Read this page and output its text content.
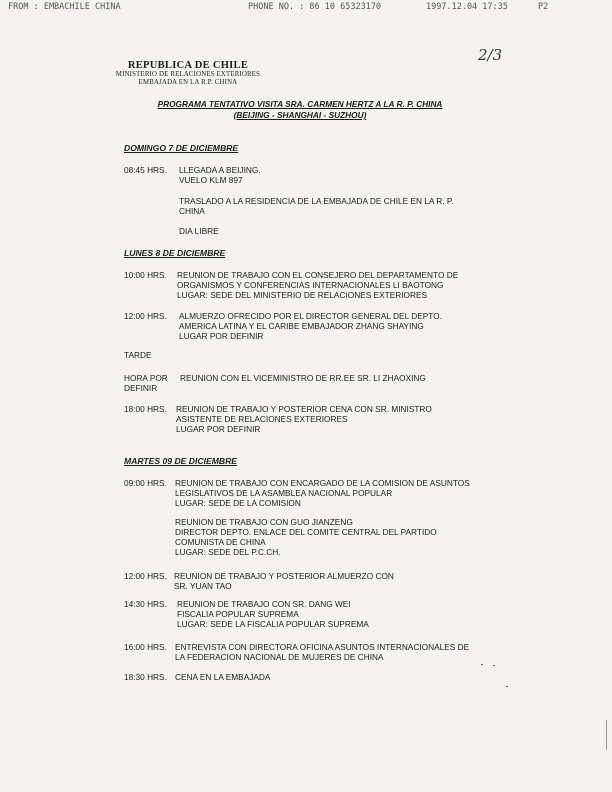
FROM : EMBACHILE CHINA	PHONE NO. : 86 10 65323170	1997.12.04 17:35	P2
2/3
REPUBLICA DE CHILE
MINISTERIO DE RELACIONES EXTERIORES
EMBAJADA EN LA R.P. CHINA
PROGRAMA TENTATIVO VISITA SRA. CARMEN HERTZ A LA R. P. CHINA
(BEIJING - SHANGHAI - SUZHOU)
DOMINGO 7 DE DICIEMBRE
08:45 HRS. LLEGADA A BEIJING.
VUELO KLM 897
TRASLADO A LA RESIDENCIA DE LA EMBAJADA DE CHILE EN LA R. P.
CHINA
DIA LIBRE
LUNES 8 DE DICIEMBRE
10:00 HRS. REUNION DE TRABAJO CON EL CONSEJERO DEL DEPARTAMENTO DE
ORGANISMOS Y CONFERENCIAS INTERNACIONALES LI BAOTONG
LUGAR: SEDE DEL MINISTERIO DE RELACIONES EXTERIORES
12:00 HRS. ALMUERZO OFRECIDO POR EL DIRECTOR GENERAL DEL DEPTO.
AMERICA LATINA Y EL CARIBE EMBAJADOR ZHANG SHAYING
LUGAR POR DEFINIR
TARDE
HORA POR
DEFINIR
REUNION CON EL VICEMINISTRO DE RR.EE SR. LI ZHAOXING
18:00 HRS. REUNION DE TRABAJO Y POSTERIOR CENA CON SR. MINISTRO
ASISTENTE DE RELACIONES EXTERIORES
LUGAR POR DEFINIR
MARTES 09 DE DICIEMBRE
09:00 HRS. REUNION DE TRABAJO CON ENCARGADO DE LA COMISION DE ASUNTOS
LEGISLATIVOS DE LA ASAMBLEA NACIONAL POPULAR
LUGAR: SEDE DE LA COMISION
REUNION DE TRABAJO CON GUO JIANZENG
DIRECTOR DEPTO. ENLACE DEL COMITE CENTRAL DEL PARTIDO
COMUNISTA DE CHINA
LUGAR: SEDE DEL P.C.CH.
12:00 HRS. REUNION DE TRABAJO Y POSTERIOR ALMUERZO CON
SR. YUAN TAO
14:30 HRS. REUNION DE TRABAJO CON SR. DANG WEI
FISCALIA POPULAR SUPREMA
LUGAR: SEDE LA FISCALIA POPULAR SUPREMA
16:00 HRS. ENTREVISTA CON DIRECTORA OFICINA ASUNTOS INTERNACIONALES DE
LA FEDERACION NACIONAL DE MUJERES DE CHINA
18:30 HRS. CENA EN LA EMBAJADA
